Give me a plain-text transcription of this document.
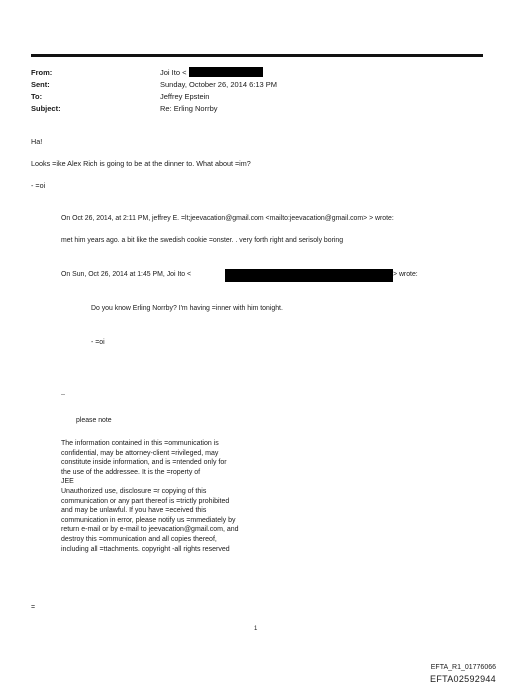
From:
Sent:
To:
Subject:
Joi Ito <
Sunday, October 26, 2014 6:13 PM
Jeffrey Epstein
Re: Erling Norrby
Ha!
Looks =ike Alex Rich is going to be at the dinner to. What about =im?
- =oi
On Oct 26, 2014, at 2:11 PM, jeffrey E. =lt;jeevacation@gmail.com <mailto:jeevacation@gmail.com> > wrote:
met him years ago. a bit like the swedish cookie =onster. . very forth right and serisoly boring
On Sun, Oct 26, 2014 at 1:45 PM, Joi Ito <	> wrote:
Do you know Erling Norrby? I'm having =inner with him tonight.
- =oi
--
please note
The information contained in this =ommunication is
confidential, may be attorney-client =rivileged, may
constitute inside information, and is =ntended only for
the use of the addressee. It is the =roperty of
JEE
Unauthorized use, disclosure =r copying of this
communication or any part thereof is =trictly prohibited
and may be unlawful. If you have =eceived this
communication in error, please notify us =mmediately by
return e-mail or by e-mail to jeevacation@gmail.com, and
destroy this =ommunication and all copies thereof,
including all =ttachments. copyright -all rights reserved
=
1
EFTA_R1_01776066
EFTA02592944
